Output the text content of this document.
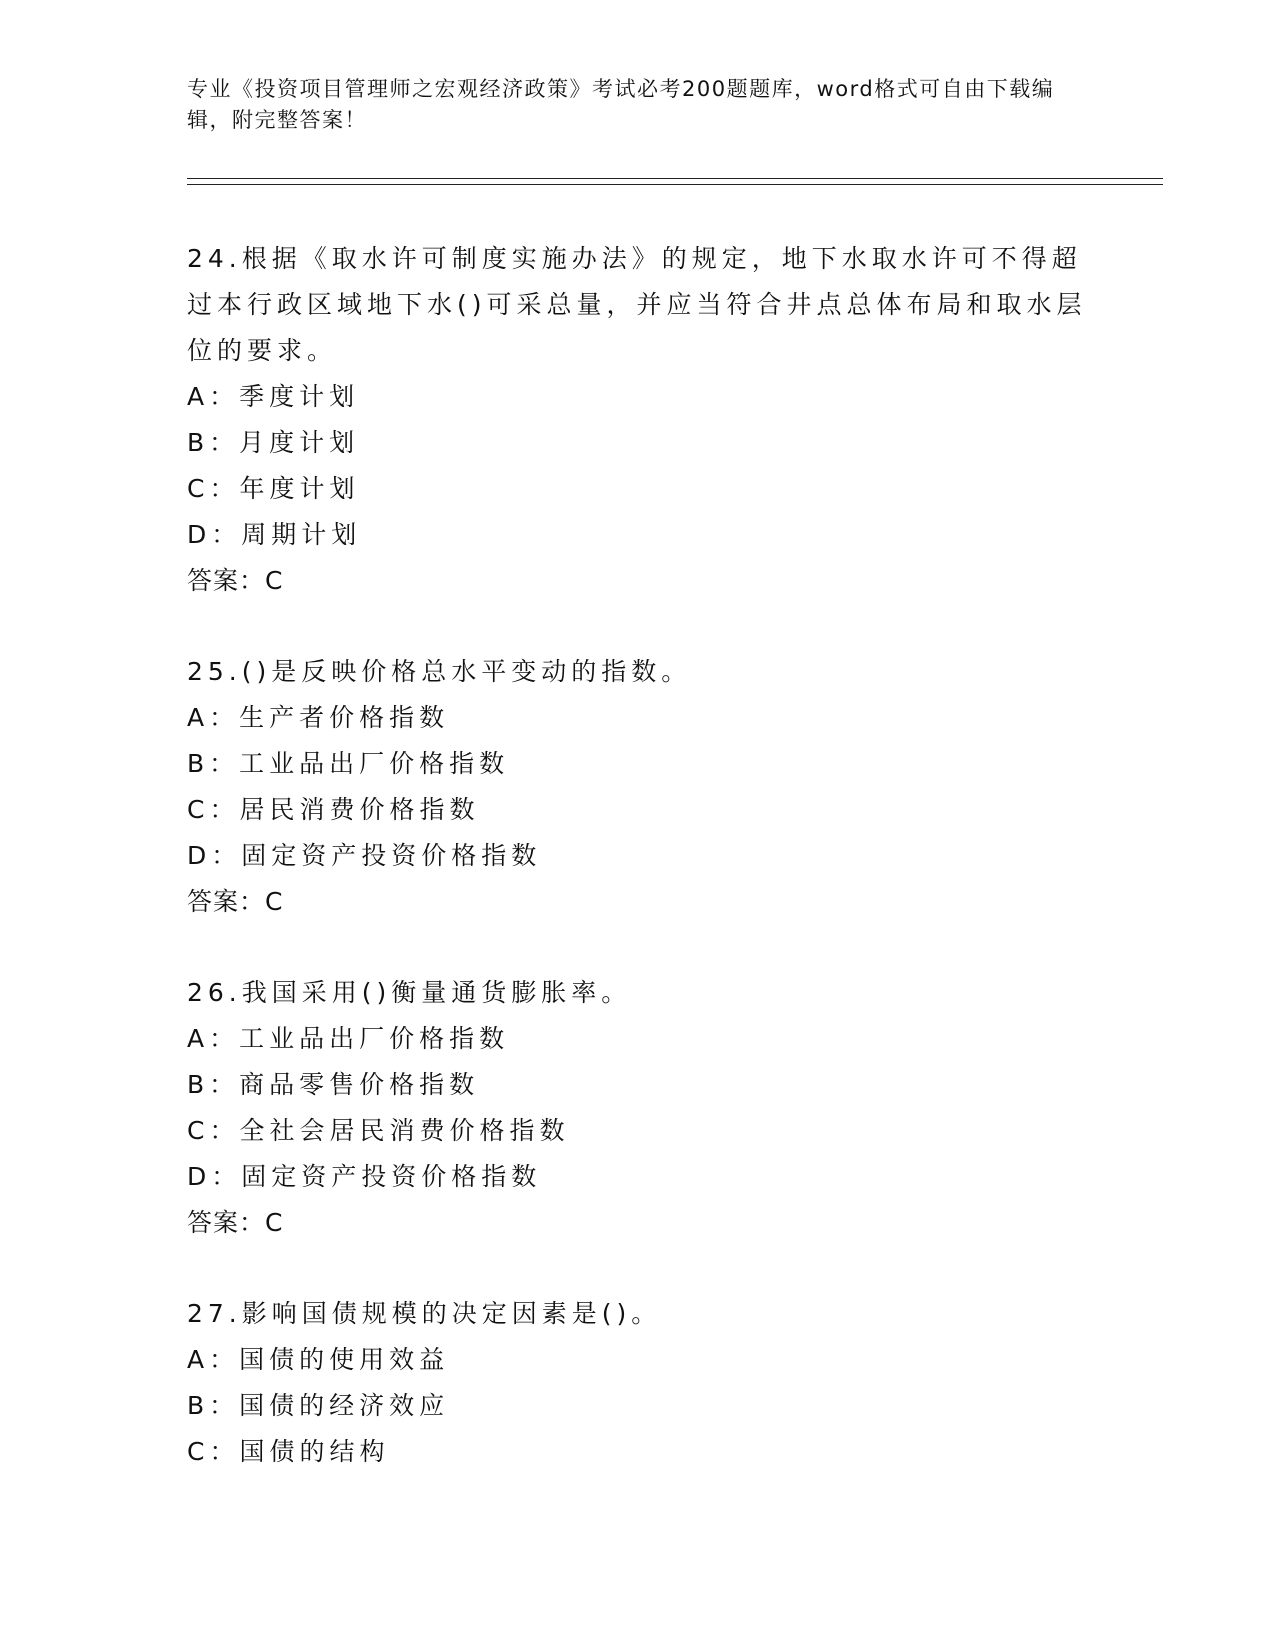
专业《投资项目管理师之宏观经济政策》考试必考200题题库，word格式可自由下载编辑，附完整答案！
24.根据《取水许可制度实施办法》的规定，地下水取水许可不得超过本行政区域地下水()可采总量，并应当符合井点总体布局和取水层位的要求。
A：季度计划
B：月度计划
C：年度计划
D：周期计划
答案：C
25.()是反映价格总水平变动的指数。
A：生产者价格指数
B：工业品出厂价格指数
C：居民消费价格指数
D：固定资产投资价格指数
答案：C
26.我国采用()衡量通货膨胀率。
A：工业品出厂价格指数
B：商品零售价格指数
C：全社会居民消费价格指数
D：固定资产投资价格指数
答案：C
27.影响国债规模的决定因素是()。
A：国债的使用效益
B：国债的经济效应
C：国债的结构
